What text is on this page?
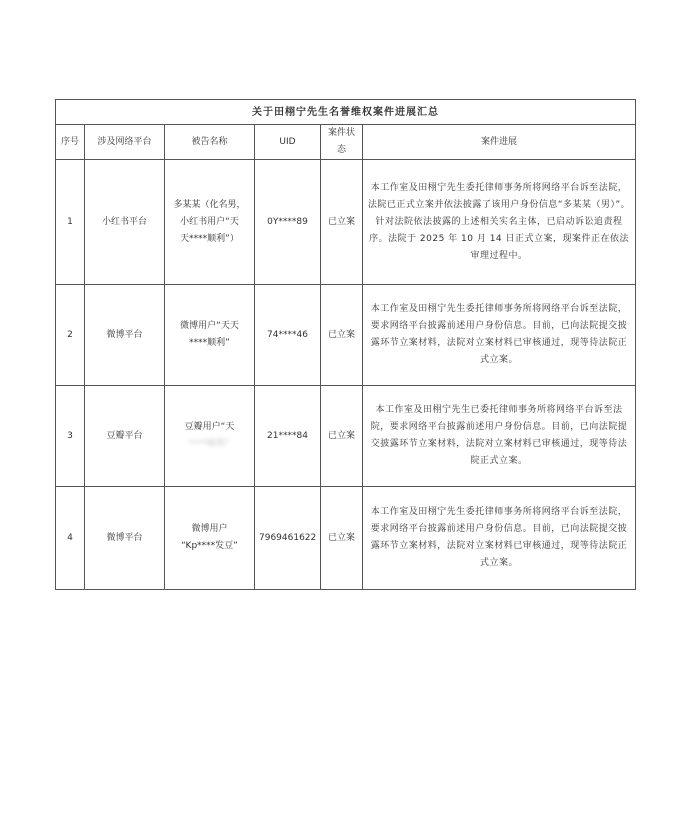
关于田栩宁先生名誉维权案件进展汇总					
序号	涉及网络平台	被告名称	UID	案件状态	案件进展
1	小红书平台	多某某（化名男，
小红书用户“天
天****顺利”）	0Y****89	已立案	本工作室及田栩宁先生委托律师事务所将网络平台诉至法院，法院已正式立案并依法披露了该用户身份信息“多某某（男）”。针对法院依法披露的上述相关实名主体，已启动诉讼追责程序。法院于 2025 年 10 月 14 日正式立案，现案件正在依法审理过程中。
2	微博平台	微博用户“天天
****顺利”	74****46	已立案	本工作室及田栩宁先生委托律师事务所将网络平台诉至法院，要求网络平台披露前述用户身份信息。目前，已向法院提交披露环节立案材料，法院对立案材料已审核通过，现等待法院正式立案。
3	豆瓣平台	豆瓣用户“天
****顺利”	21****84	已立案	本工作室及田栩宁先生已委托律师事务所将网络平台诉至法院，要求网络平台披露前述用户身份信息。目前，已向法院提交披露环节立案材料，法院对立案材料已审核通过，现等待法院正式立案。
4	微博平台	微博用户
“Kp****发豆”	7969461622	已立案	本工作室及田栩宁先生委托律师事务所将网络平台诉至法院，要求网络平台披露前述用户身份信息。目前，已向法院提交披露环节立案材料，法院对立案材料已审核通过，现等待法院正式立案。
